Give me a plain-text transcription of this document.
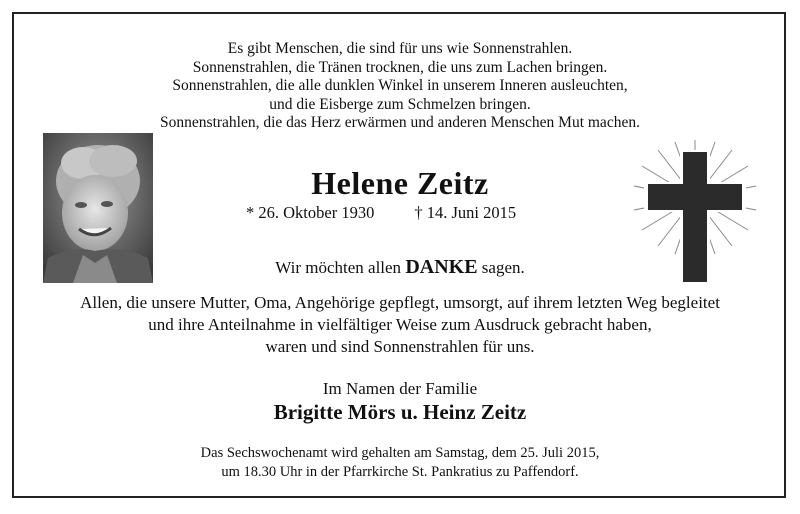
Es gibt Menschen, die sind für uns wie Sonnenstrahlen.
Sonnenstrahlen, die Tränen trocknen, die uns zum Lachen bringen.
Sonnenstrahlen, die alle dunklen Winkel in unserem Inneren ausleuchten,
und die Eisberge zum Schmelzen bringen.
Sonnenstrahlen, die das Herz erwärmen und anderen Menschen Mut machen.
Helene Zeitz
* 26. Oktober 1930 † 14. Juni 2015
Wir möchten allen DANKE sagen.
Allen, die unsere Mutter, Oma, Angehörige gepflegt, umsorgt, auf ihrem letzten Weg begleitet
und ihre Anteilnahme in vielfältiger Weise zum Ausdruck gebracht haben,
waren und sind Sonnenstrahlen für uns.
Im Namen der Familie
Brigitte Mörs u. Heinz Zeitz
Das Sechswochenamt wird gehalten am Samstag, dem 25. Juli 2015,
um 18.30 Uhr in der Pfarrkirche St. Pankratius zu Paffendorf.
